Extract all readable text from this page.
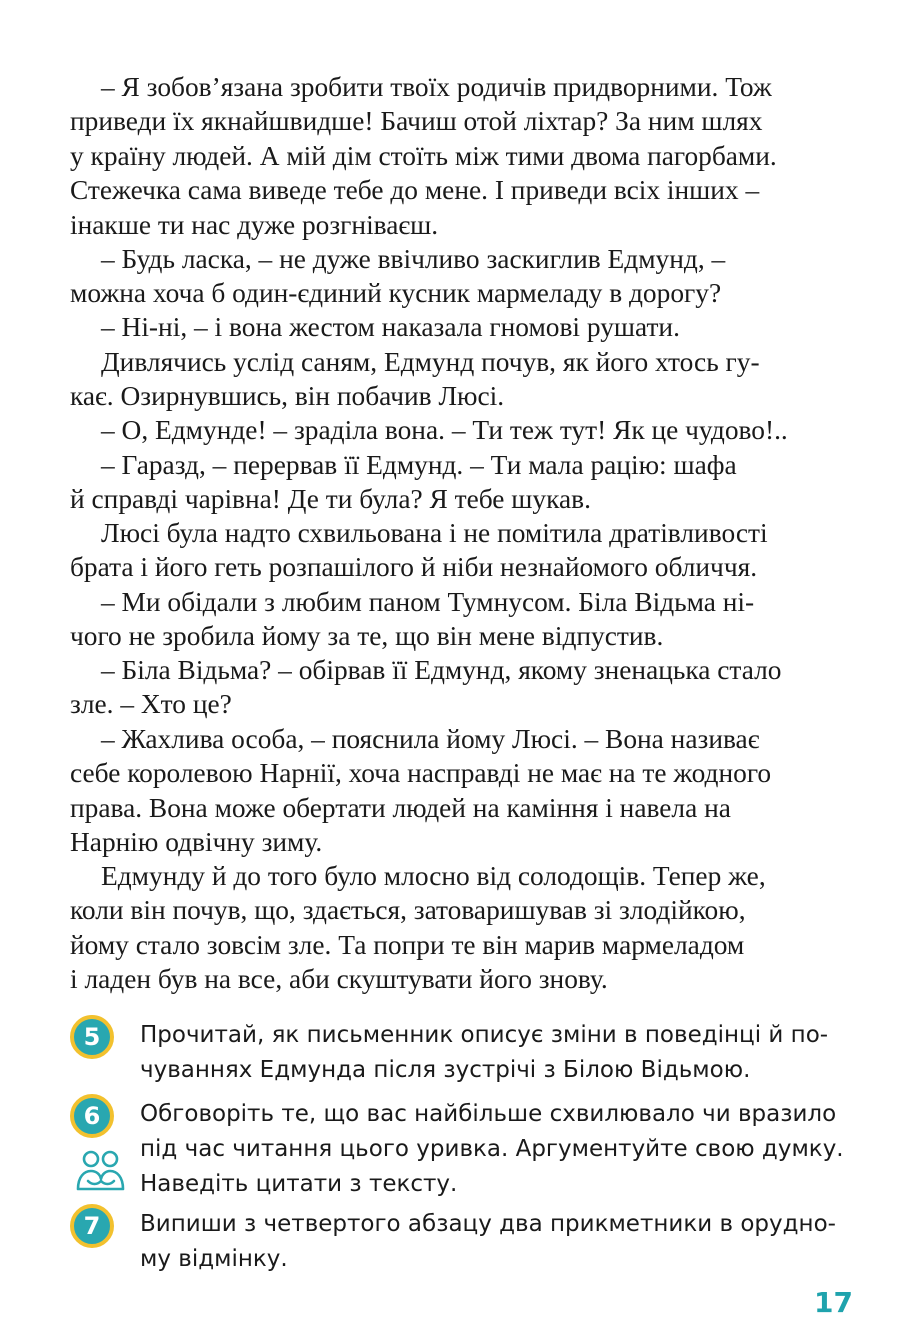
– Я зобов’язана зробити твоїх родичів придворними. Тож
приведи їх якнайшвидше! Бачиш отой ліхтар? За ним шлях
у країну людей. А мій дім стоїть між тими двома пагорбами.
Стежечка сама виведе тебе до мене. І приведи всіх інших –
інакше ти нас дуже розгніваєш.

– Будь ласка, – не дуже ввічливо заскиглив Едмунд, –
можна хоча б один-єдиний кусник мармеладу в дорогу?

– Ні-ні, – і вона жестом наказала гномові рушати.

Дивлячись услід саням, Едмунд почув, як його хтось гу-
кає. Озирнувшись, він побачив Люсі.

– О, Едмунде! – зраділа вона. – Ти теж тут! Як це чудово!..

– Гаразд, – перервав її Едмунд. – Ти мала рацію: шафа
й справді чарівна! Де ти була? Я тебе шукав.

Люсі була надто схвильована і не помітила дратівливості
брата і його геть розпашілого й ніби незнайомого обличчя.

– Ми обідали з любим паном Тумнусом. Біла Відьма ні-
чого не зробила йому за те, що він мене відпустив.

– Біла Відьма? – обірвав її Едмунд, якому зненацька стало
зле. – Хто це?

– Жахлива особа, – пояснила йому Люсі. – Вона називає
себе королевою Нарнії, хоча насправді не має на те жодного
права. Вона може обертати людей на каміння і навела на
Нарнію одвічну зиму.

Едмунду й до того було млосно від солодощів. Тепер же,
коли він почув, що, здається, затоваришував зі злодійкою,
йому стало зовсім зле. Та попри те він марив мармеладом
і ладен був на все, аби скуштувати його знову.

5	Прочитай, як письменник описує зміни в поведінці й по-
чуваннях Едмунда після зустрічі з Білою Відьмою.

6	Обговоріть те, що вас найбільше схвилювало чи вразило
під час читання цього уривка. Аргументуйте свою думку.
Наведіть цитати з тексту.

7	Випиши з четвертого абзацу два прикметники в орудно-
му відмінку.

17
